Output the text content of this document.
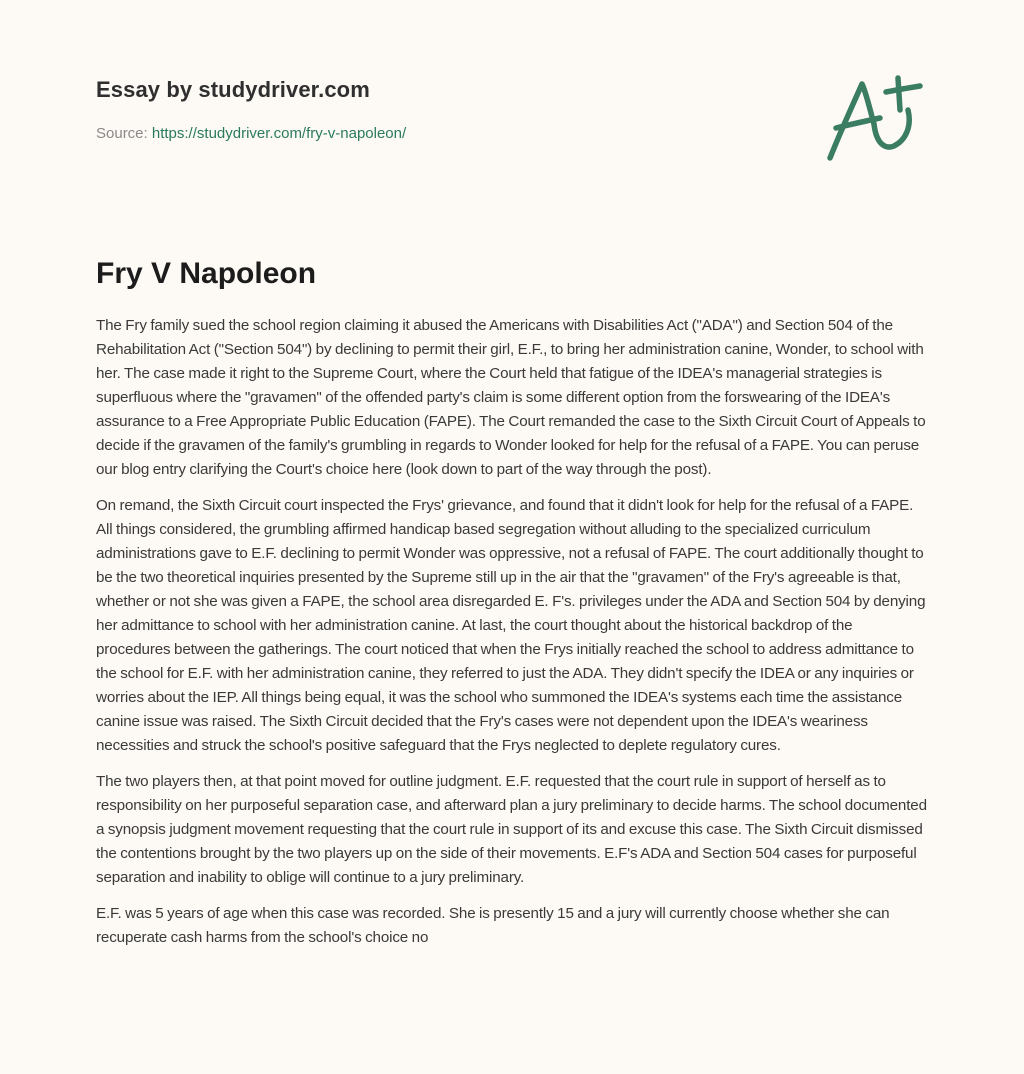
Essay by studydriver.com
Source: https://studydriver.com/fry-v-napoleon/
Fry V Napoleon

The Fry family sued the school region claiming it abused the Americans with Disabilities Act ("ADA") and Section 504 of the Rehabilitation Act ("Section 504") by declining to permit their girl, E.F., to bring her administration canine, Wonder, to school with her. The case made it right to the Supreme Court, where the Court held that fatigue of the IDEA's managerial strategies is superfluous where the "gravamen" of the offended party's claim is some different option from the forswearing of the IDEA's assurance to a Free Appropriate Public Education (FAPE). The Court remanded the case to the Sixth Circuit Court of Appeals to decide if the gravamen of the family's grumbling in regards to Wonder looked for help for the refusal of a FAPE. You can peruse our blog entry clarifying the Court's choice here (look down to part of the way through the post).

On remand, the Sixth Circuit court inspected the Frys' grievance, and found that it didn't look for help for the refusal of a FAPE. All things considered, the grumbling affirmed handicap based segregation without alluding to the specialized curriculum administrations gave to E.F. declining to permit Wonder was oppressive, not a refusal of FAPE. The court additionally thought to be the two theoretical inquiries presented by the Supreme still up in the air that the "gravamen" of the Fry's agreeable is that, whether or not she was given a FAPE, the school area disregarded E. F's. privileges under the ADA and Section 504 by denying her admittance to school with her administration canine. At last, the court thought about the historical backdrop of the procedures between the gatherings. The court noticed that when the Frys initially reached the school to address admittance to the school for E.F. with her administration canine, they referred to just the ADA. They didn't specify the IDEA or any inquiries or worries about the IEP. All things being equal, it was the school who summoned the IDEA's systems each time the assistance canine issue was raised. The Sixth Circuit decided that the Fry's cases were not dependent upon the IDEA's weariness necessities and struck the school's positive safeguard that the Frys neglected to deplete regulatory cures.

The two players then, at that point moved for outline judgment. E.F. requested that the court rule in support of herself as to responsibility on her purposeful separation case, and afterward plan a jury preliminary to decide harms. The school documented a synopsis judgment movement requesting that the court rule in support of its and excuse this case. The Sixth Circuit dismissed the contentions brought by the two players up on the side of their movements. E.F's ADA and Section 504 cases for purposeful separation and inability to oblige will continue to a jury preliminary.

E.F. was 5 years of age when this case was recorded. She is presently 15 and a jury will currently choose whether she can recuperate cash harms from the school's choice no
